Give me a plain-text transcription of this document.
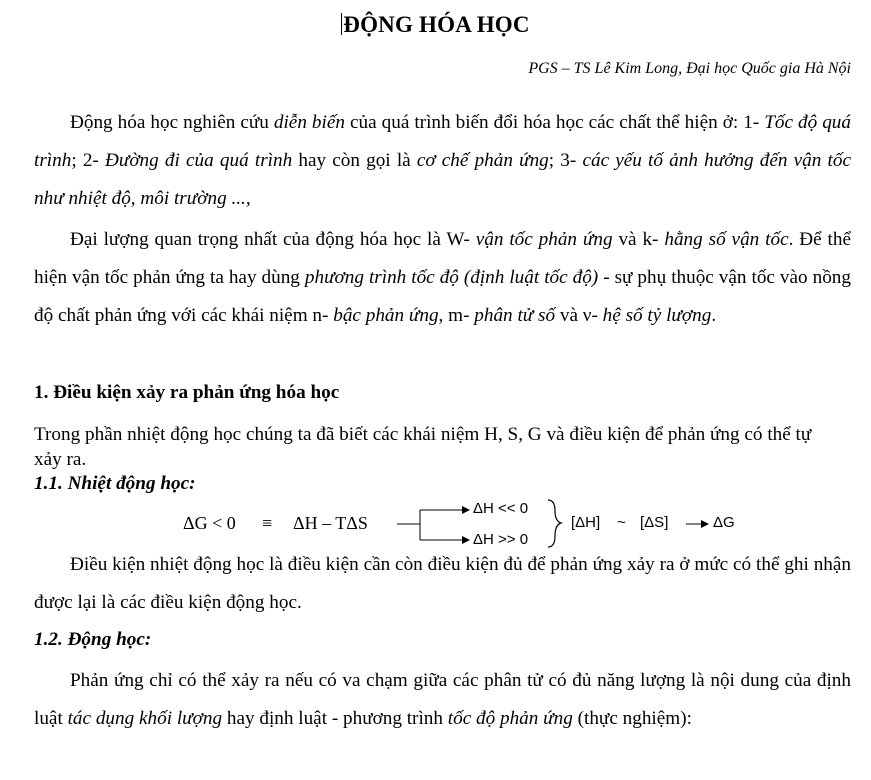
ĐỘNG HÓA HỌC
PGS – TS Lê Kim Long, Đại học Quốc gia Hà Nội
Động hóa học nghiên cứu diễn biến của quá trình biến đổi hóa học các chất thể hiện ở: 1- Tốc độ quá trình; 2- Đường đi của quá trình hay còn gọi là cơ chế phản ứng; 3- các yếu tố ảnh hưởng đến vận tốc như nhiệt độ, môi trường ...,
Đại lượng quan trọng nhất của động hóa học là W- vận tốc phản ứng và k- hằng số vận tốc. Để thể hiện vận tốc phản ứng ta hay dùng phương trình tốc độ (định luật tốc độ) - sự phụ thuộc vận tốc vào nồng độ chất phản ứng với các khái niệm n- bậc phản ứng, m- phân tử số và ν- hệ số tỷ lượng.
1. Điều kiện xảy ra phản ứng hóa học
Trong phần nhiệt động học chúng ta đã biết các khái niệm H, S, G và điều kiện để phản ứng có thể tự xảy ra.
1.1. Nhiệt động học:
ΔG < 0 ≡ ΔH – TΔS
ΔH << 0
ΔH >> 0
[ΔH] ~ [ΔS]	ΔG
Điều kiện nhiệt động học là điều kiện cần còn điều kiện đủ để phản ứng xảy ra ở mức có thể ghi nhận được lại là các điều kiện động học.
1.2. Động học:
Phản ứng chỉ có thể xảy ra nếu có va chạm giữa các phân tử có đủ năng lượng là nội dung của định luật tác dụng khối lượng hay định luật - phương trình tốc độ phản ứng (thực nghiệm):
